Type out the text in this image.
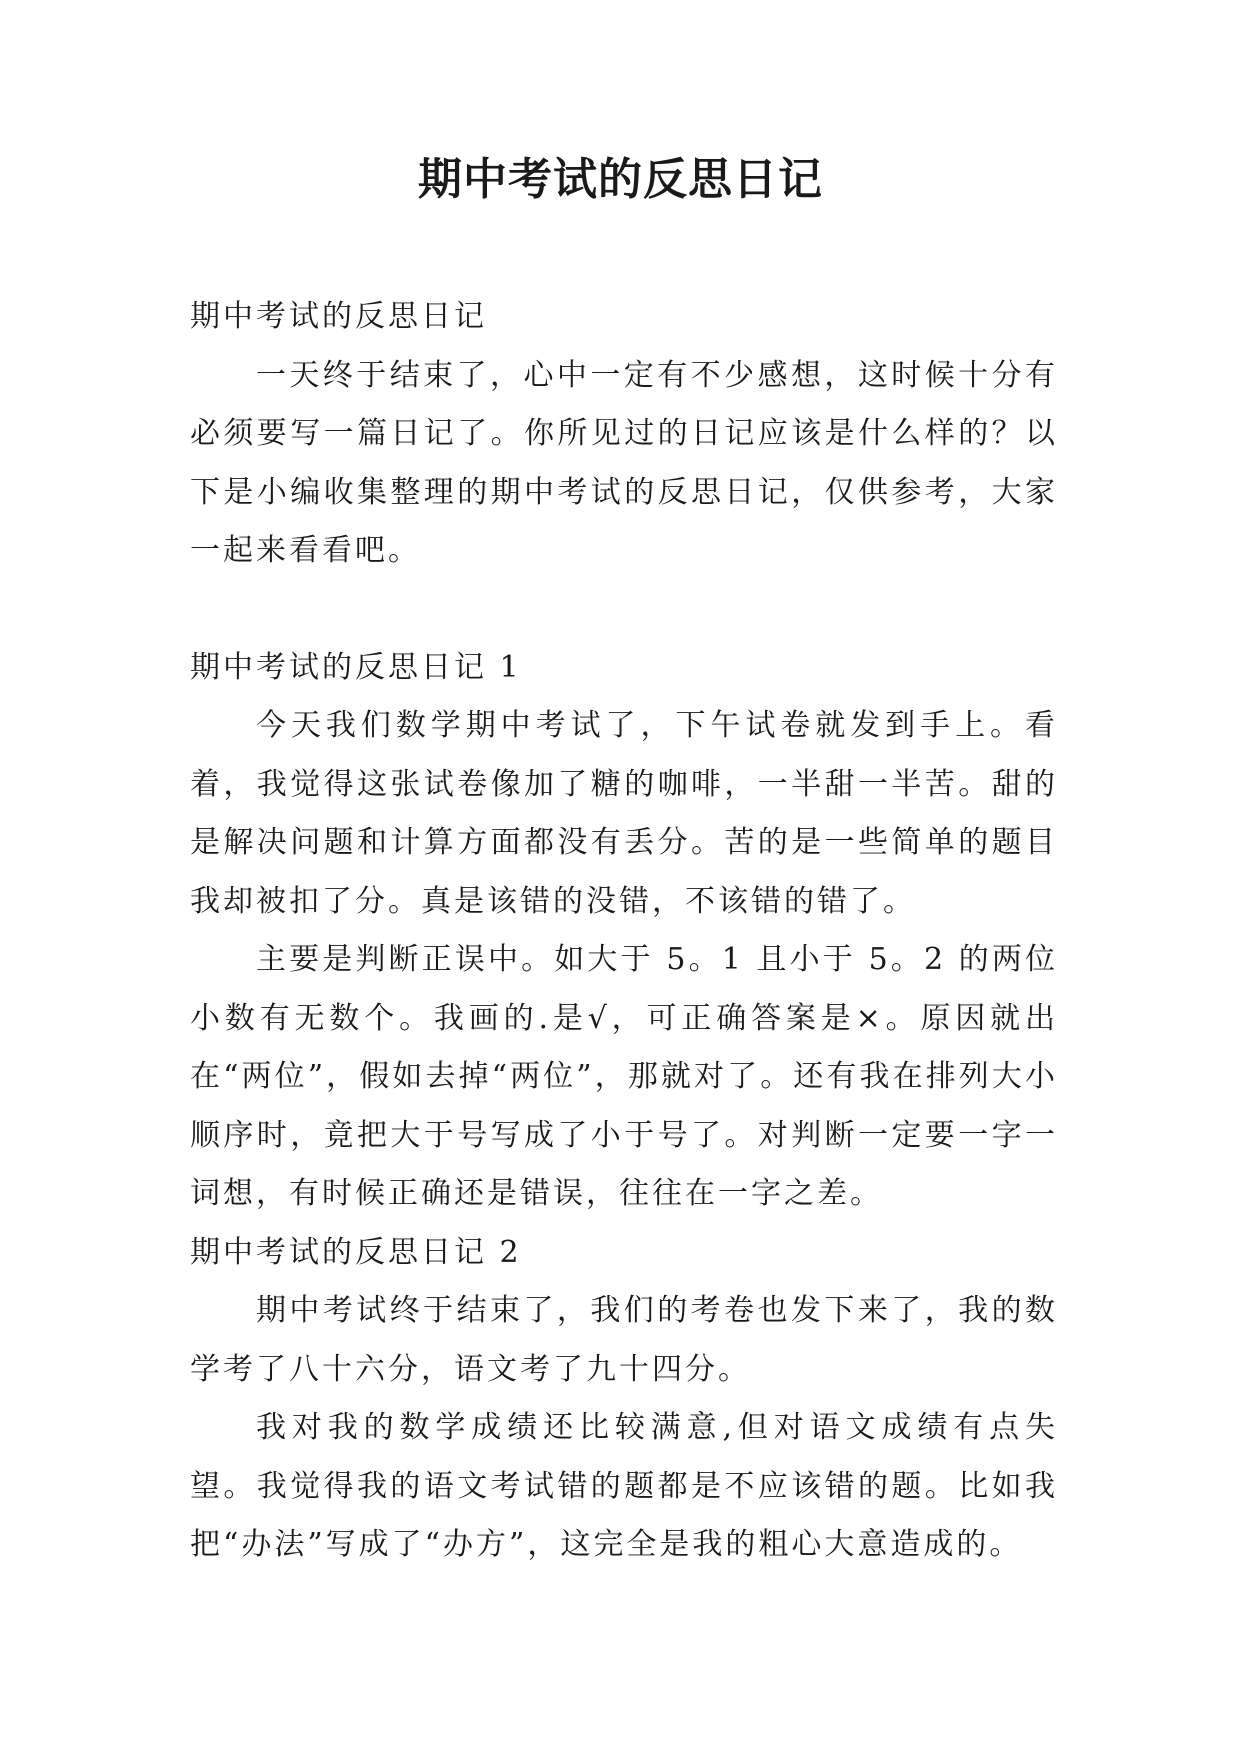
期中考试的反思日记

期中考试的反思日记

一天终于结束了，心中一定有不少感想，这时候十分有必须要写一篇日记了。你所见过的日记应该是什么样的？以下是小编收集整理的期中考试的反思日记，仅供参考，大家一起来看看吧。

期中考试的反思日记 1

今天我们数学期中考试了，下午试卷就发到手上。看着，我觉得这张试卷像加了糖的咖啡，一半甜一半苦。甜的是解决问题和计算方面都没有丢分。苦的是一些简单的题目我却被扣了分。真是该错的没错，不该错的错了。

主要是判断正误中。如大于 5。1 且小于 5。2 的两位小数有无数个。我画的.是√，可正确答案是×。原因就出在“两位”，假如去掉“两位”，那就对了。还有我在排列大小顺序时，竟把大于号写成了小于号了。对判断一定要一字一词想，有时候正确还是错误，往往在一字之差。

期中考试的反思日记 2

期中考试终于结束了，我们的考卷也发下来了，我的数学考了八十六分，语文考了九十四分。

我对我的数学成绩还比较满意,但对语文成绩有点失望。我觉得我的语文考试错的题都是不应该错的题。比如我把“办法”写成了“办方”，这完全是我的粗心大意造成的。
